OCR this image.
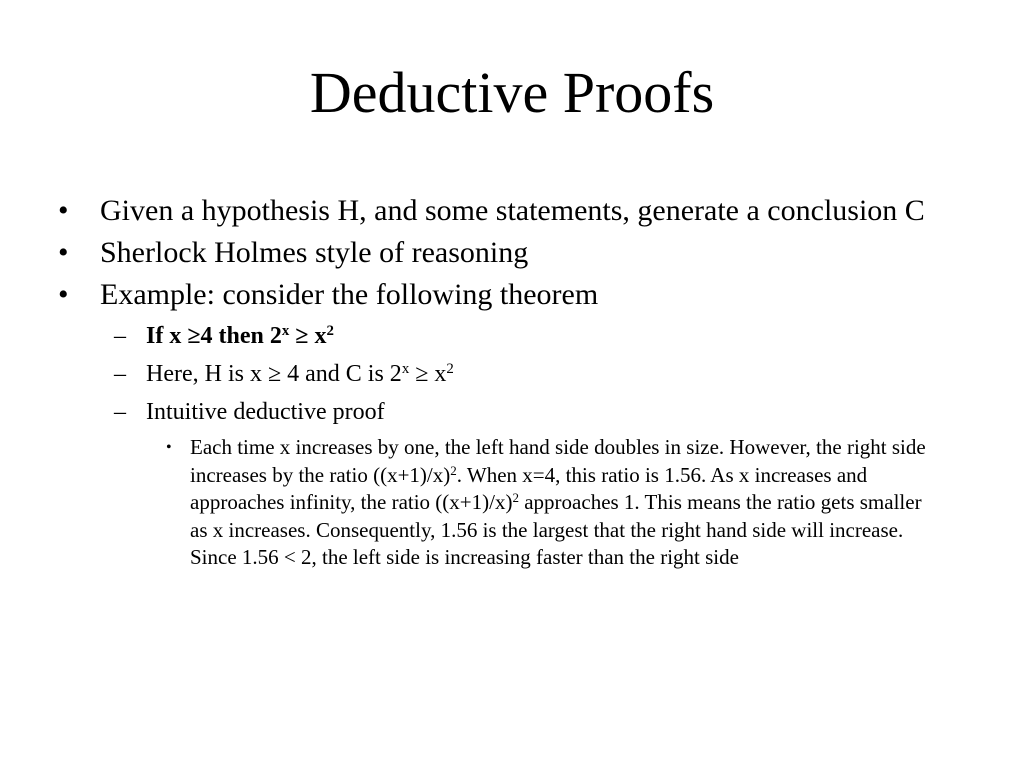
Deductive Proofs
• Given a hypothesis H, and some statements, generate a conclusion C
• Sherlock Holmes style of reasoning
• Example: consider the following theorem
– If x ≥4 then $2^x \ge x^2$
– Here, H is x ≥ 4 and C is $2^x \ge x^2$
– Intuitive deductive proof
• Each time x increases by one, the left hand side doubles in size. However, the right side increases by the ratio $((x+1)/x)^2$. When x=4, this ratio is 1.56. As x increases and approaches infinity, the ratio $((x+1)/x)^2$ approaches 1. This means the ratio gets smaller as x increases. Consequently, 1.56 is the largest that the right hand side will increase. Since 1.56 < 2, the left side is increasing faster than the right side
